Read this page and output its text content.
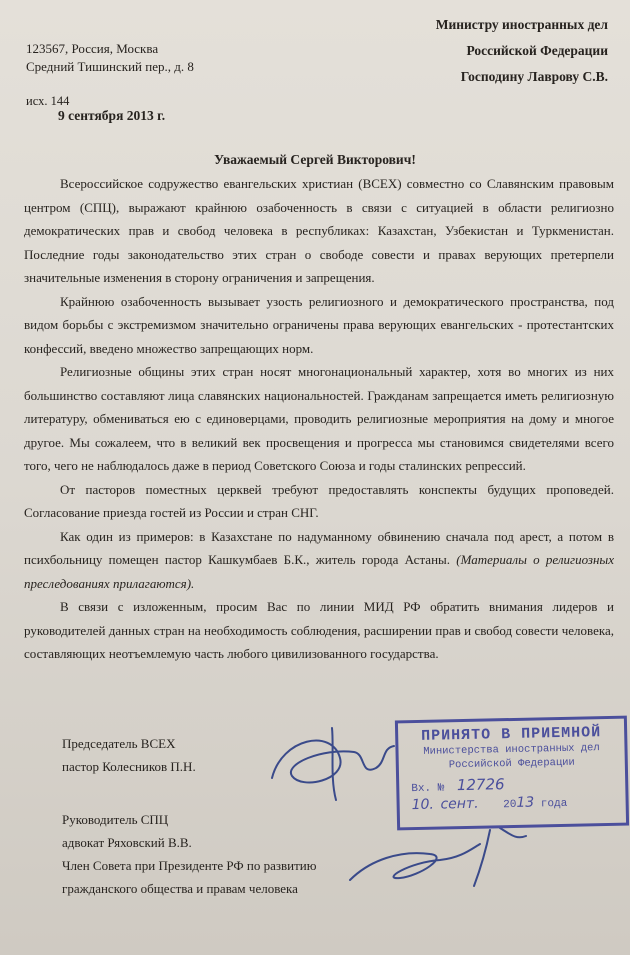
123567, Россия, Москва
Средний Тишинский пер., д. 8
Министру иностранных дел
Российской Федерации
Господину Лаврову С.В.
исх. 144
9 сентября 2013 г.
Уважаемый Сергей Викторович!

Всероссийское содружество евангельских христиан (ВСЕХ) совместно со Славянским правовым центром (СПЦ), выражают крайнюю озабоченность в связи с ситуацией в области религиозно демократических прав и свобод человека в республиках: Казахстан, Узбекистан и Туркменистан. Последние годы законодательство этих стран о свободе совести и правах верующих претерпели значительные изменения в сторону ограничения и запрещения.

Крайнюю озабоченность вызывает узость религиозного и демократического пространства, под видом борьбы с экстремизмом значительно ограничены права верующих евангельских - протестантских конфессий, введено множество запрещающих норм.

Религиозные общины этих стран носят многонациональный характер, хотя во многих из них большинство составляют лица славянских национальностей. Гражданам запрещается иметь религиозную литературу, обмениваться ею с единоверцами, проводить религиозные мероприятия на дому и многое другое. Мы сожалеем, что в великий век просвещения и прогресса мы становимся свидетелями всего того, чего не наблюдалось даже в период Советского Союза и годы сталинских репрессий.

От пасторов поместных церквей требуют предоставлять конспекты будущих проповедей. Согласование приезда гостей из России и стран СНГ.

Как один из примеров: в Казахстане по надуманному обвинению сначала под арест, а потом в психбольницу помещен пастор Кашкумбаев Б.К., житель города Астаны. (Материалы о религиозных преследованиях прилагаются).

В связи с изложенным, просим Вас по линии МИД РФ обратить внимания лидеров и руководителей данных стран на необходимость соблюдения, расширении прав и свобод совести человека, составляющих неотъемлемую часть любого цивилизованного государства.

Председатель ВСЕХ
пастор Колесников П.Н.
Руководитель СПЦ
адвокат Ряховский В.В.
Член Совета при Президенте РФ по развитию
гражданского общества и правам человека
ПРИНЯТО В ПРИЕМНОЙ
Министерства иностранных дел
Российской Федерации
Вх. № 12726
10. сент. 2013 года
